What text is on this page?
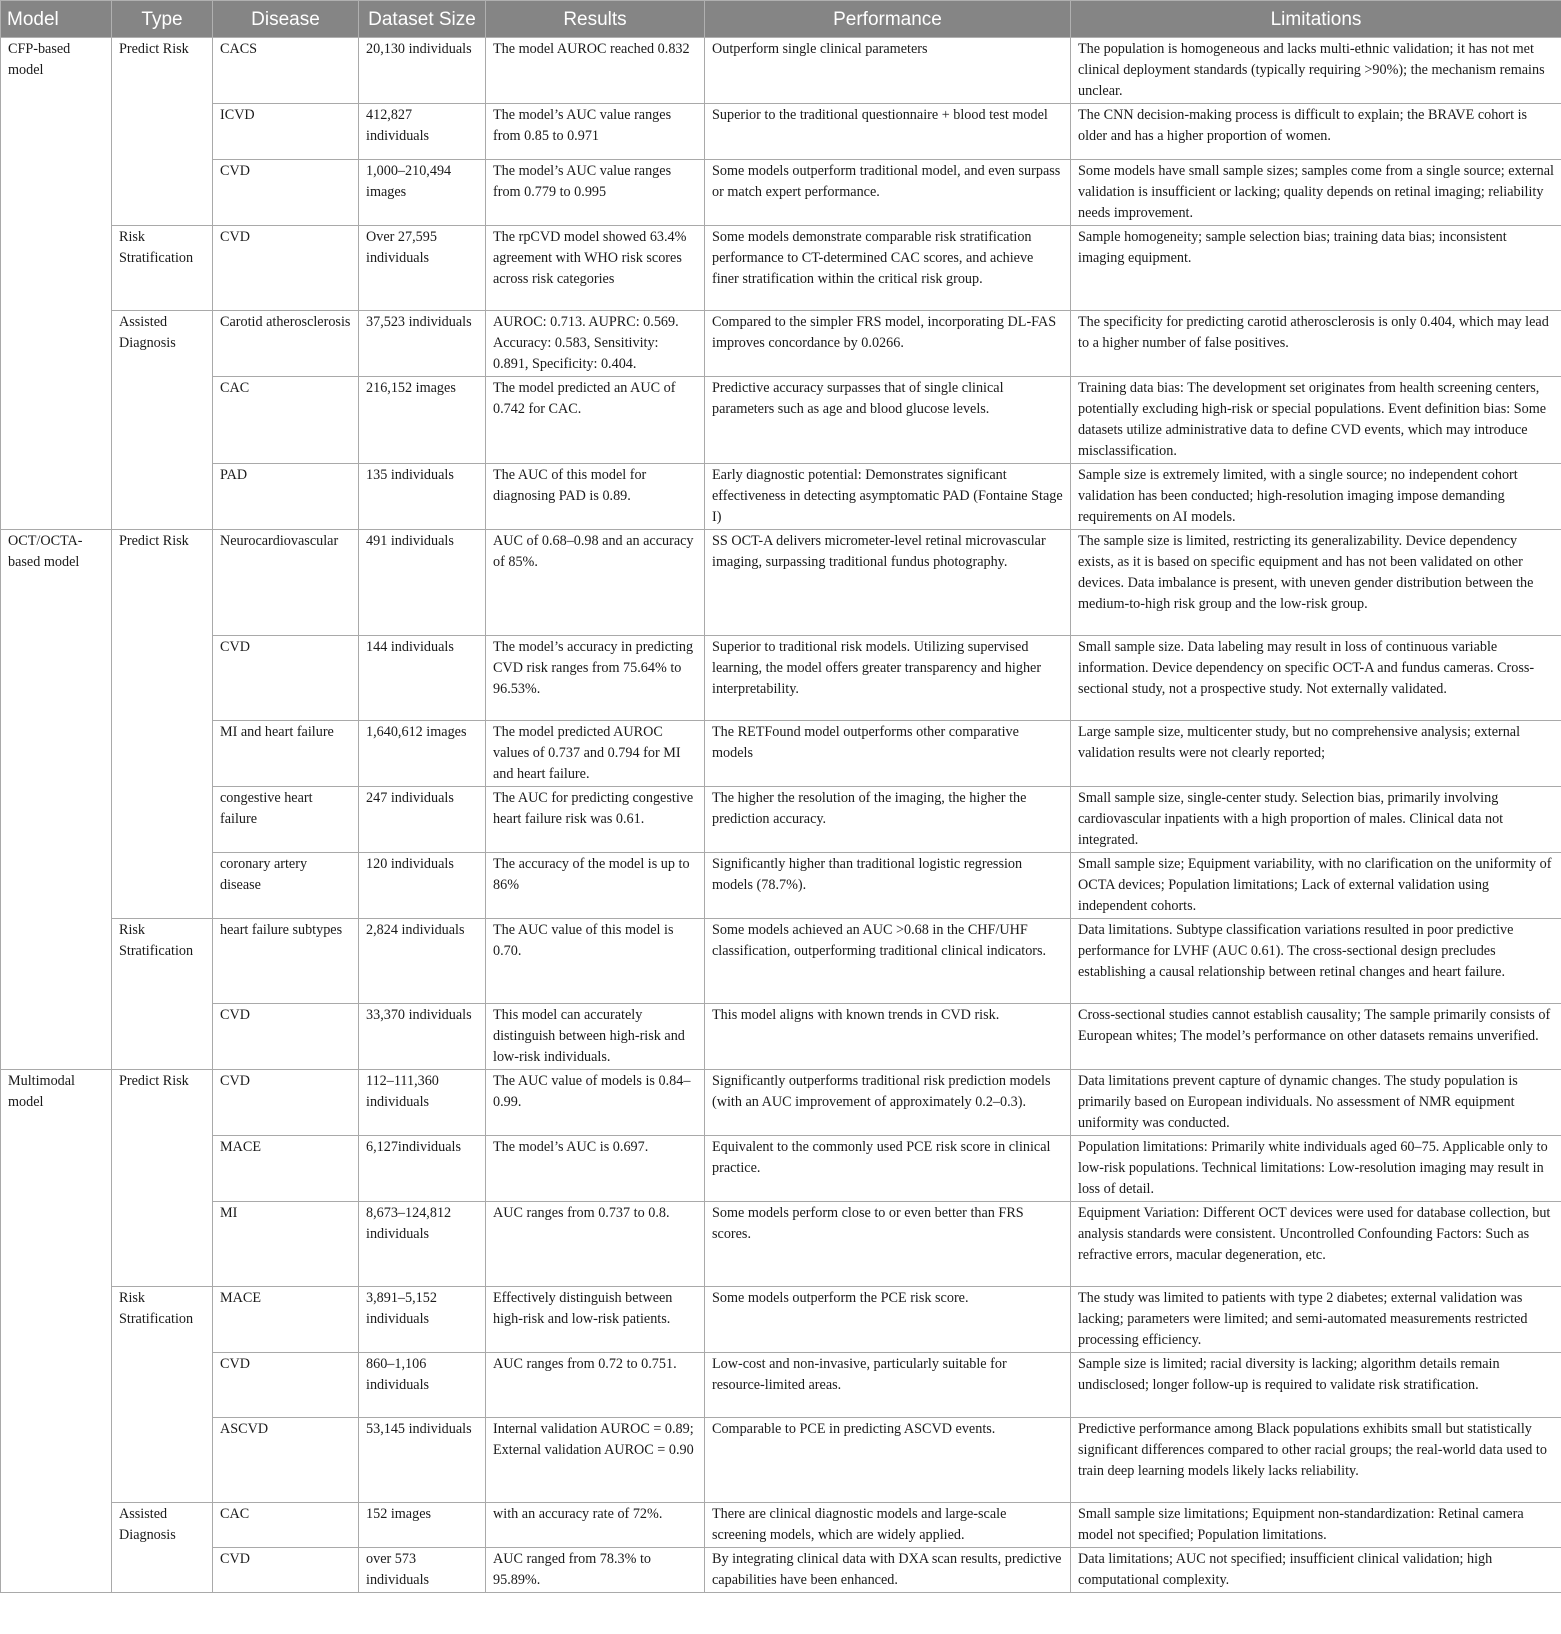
Model	Type	Disease	Dataset Size	Results	Performance	Limitations
CFP-based model	Predict Risk	CACS	20,130 individuals	The model AUROC reached 0.832	Outperform single clinical parameters	The population is homogeneous and lacks multi-ethnic validation; it has not met clinical deployment standards (typically requiring >90%); the mechanism remains unclear.
		ICVD	412,827 individuals	The model’s AUC value ranges from 0.85 to 0.971	Superior to the traditional questionnaire + blood test model	The CNN decision-making process is difficult to explain; the BRAVE cohort is older and has a higher proportion of women.
		CVD	1,000–210,494 images	The model’s AUC value ranges from 0.779 to 0.995	Some models outperform traditional model, and even surpass or match expert performance.	Some models have small sample sizes; samples come from a single source; external validation is insufficient or lacking; quality depends on retinal imaging; reliability needs improvement.
	Risk Stratification	CVD	Over 27,595 individuals	The rpCVD model showed 63.4% agreement with WHO risk scores across risk categories	Some models demonstrate comparable risk stratification performance to CT-determined CAC scores, and achieve finer stratification within the critical risk group.	Sample homogeneity; sample selection bias; training data bias; inconsistent imaging equipment.
	Assisted Diagnosis	Carotid atherosclerosis	37,523 individuals	AUROC: 0.713. AUPRC: 0.569. Accuracy: 0.583, Sensitivity: 0.891, Specificity: 0.404.	Compared to the simpler FRS model, incorporating DL-FAS improves concordance by 0.0266.	The specificity for predicting carotid atherosclerosis is only 0.404, which may lead to a higher number of false positives.
		CAC	216,152 images	The model predicted an AUC of 0.742 for CAC.	Predictive accuracy surpasses that of single clinical parameters such as age and blood glucose levels.	Training data bias: The development set originates from health screening centers, potentially excluding high-risk or special populations. Event definition bias: Some datasets utilize administrative data to define CVD events, which may introduce misclassification.
		PAD	135 individuals	The AUC of this model for diagnosing PAD is 0.89.	Early diagnostic potential: Demonstrates significant effectiveness in detecting asymptomatic PAD (Fontaine Stage I)	Sample size is extremely limited, with a single source; no independent cohort validation has been conducted; high-resolution imaging impose demanding requirements on AI models.
OCT/OCTA-based model	Predict Risk	Neurocardiovascular	491 individuals	AUC of 0.68–0.98 and an accuracy of 85%.	SS OCT-A delivers micrometer-level retinal microvascular imaging, surpassing traditional fundus photography.	The sample size is limited, restricting its generalizability. Device dependency exists, as it is based on specific equipment and has not been validated on other devices. Data imbalance is present, with uneven gender distribution between the medium-to-high risk group and the low-risk group.
		CVD	144 individuals	The model’s accuracy in predicting CVD risk ranges from 75.64% to 96.53%.	Superior to traditional risk models. Utilizing supervised learning, the model offers greater transparency and higher interpretability.	Small sample size. Data labeling may result in loss of continuous variable information. Device dependency on specific OCT-A and fundus cameras. Cross-sectional study, not a prospective study. Not externally validated.
		MI and heart failure	1,640,612 images	The model predicted AUROC values of 0.737 and 0.794 for MI and heart failure.	The RETFound model outperforms other comparative models	Large sample size, multicenter study, but no comprehensive analysis; external validation results were not clearly reported;
		congestive heart failure	247 individuals	The AUC for predicting congestive heart failure risk was 0.61.	The higher the resolution of the imaging, the higher the prediction accuracy.	Small sample size, single-center study. Selection bias, primarily involving cardiovascular inpatients with a high proportion of males. Clinical data not integrated.
		coronary artery disease	120 individuals	The accuracy of the model is up to 86%	Significantly higher than traditional logistic regression models (78.7%).	Small sample size; Equipment variability, with no clarification on the uniformity of OCTA devices; Population limitations; Lack of external validation using independent cohorts.
	Risk Stratification	heart failure subtypes	2,824 individuals	The AUC value of this model is 0.70.	Some models achieved an AUC >0.68 in the CHF/UHF classification, outperforming traditional clinical indicators.	Data limitations. Subtype classification variations resulted in poor predictive performance for LVHF (AUC 0.61). The cross-sectional design precludes establishing a causal relationship between retinal changes and heart failure.
		CVD	33,370 individuals	This model can accurately distinguish between high-risk and low-risk individuals.	This model aligns with known trends in CVD risk.	Cross-sectional studies cannot establish causality; The sample primarily consists of European whites; The model’s performance on other datasets remains unverified.
Multimodal model	Predict Risk	CVD	112–111,360 individuals	The AUC value of models is 0.84–0.99.	Significantly outperforms traditional risk prediction models (with an AUC improvement of approximately 0.2–0.3).	Data limitations prevent capture of dynamic changes. The study population is primarily based on European individuals. No assessment of NMR equipment uniformity was conducted.
		MACE	6,127individuals	The model’s AUC is 0.697.	Equivalent to the commonly used PCE risk score in clinical practice.	Population limitations: Primarily white individuals aged 60–75. Applicable only to low-risk populations. Technical limitations: Low-resolution imaging may result in loss of detail.
		MI	8,673–124,812 individuals	AUC ranges from 0.737 to 0.8.	Some models perform close to or even better than FRS scores.	Equipment Variation: Different OCT devices were used for database collection, but analysis standards were consistent. Uncontrolled Confounding Factors: Such as refractive errors, macular degeneration, etc.
	Risk Stratification	MACE	3,891–5,152 individuals	Effectively distinguish between high-risk and low-risk patients.	Some models outperform the PCE risk score.	The study was limited to patients with type 2 diabetes; external validation was lacking; parameters were limited; and semi-automated measurements restricted processing efficiency.
		CVD	860–1,106 individuals	AUC ranges from 0.72 to 0.751.	Low-cost and non-invasive, particularly suitable for resource-limited areas.	Sample size is limited; racial diversity is lacking; algorithm details remain undisclosed; longer follow-up is required to validate risk stratification.
		ASCVD	53,145 individuals	Internal validation AUROC = 0.89; External validation AUROC = 0.90	Comparable to PCE in predicting ASCVD events.	Predictive performance among Black populations exhibits small but statistically significant differences compared to other racial groups; the real-world data used to train deep learning models likely lacks reliability.
	Assisted Diagnosis	CAC	152 images	with an accuracy rate of 72%.	There are clinical diagnostic models and large-scale screening models, which are widely applied.	Small sample size limitations; Equipment non-standardization: Retinal camera model not specified; Population limitations.
		CVD	over 573 individuals	AUC ranged from 78.3% to 95.89%.	By integrating clinical data with DXA scan results, predictive capabilities have been enhanced.	Data limitations; AUC not specified; insufficient clinical validation; high computational complexity.
